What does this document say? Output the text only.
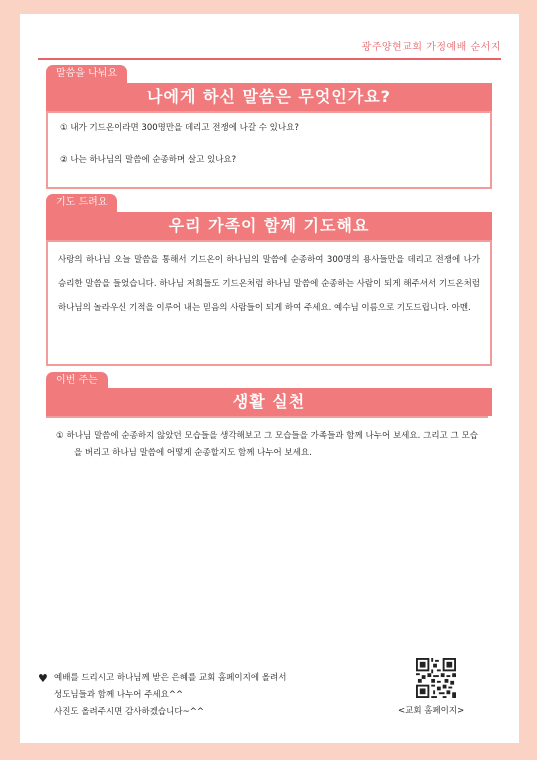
광주양현교회 가정예배 순서지
말씀을 나눠요
나에게 하신 말씀은 무엇인가요?
① 내가 기드온이라면 300명만을 데리고 전쟁에 나갈 수 있나요?
② 나는 하나님의 말씀에 순종하며 살고 있나요?
기도 드려요
우리 가족이 함께 기도해요
사랑의 하나님 오늘 말씀을 통해서 기드온이 하나님의 말씀에 순종하여 300명의 용사들만을 데리고 전쟁에 나가 승리한 말씀을 들었습니다. 하나님 저희들도 기드온처럼 하나님 말씀에 순종하는 사람이 되게 해주셔서 기드온처럼 하나님의 놀라우신 기적을 이루어 내는 믿음의 사람들이 되게 하여 주세요. 예수님 이름으로 기도드립니다. 아멘.
이번 주는
생활 실천
① 하나님 말씀에 순종하지 않았던 모습들을 생각해보고 그 모습들을 가족들과 함께 나누어 보세요. 그리고 그 모습을 버리고 하나님 말씀에 어떻게 순종할지도 함께 나누어 보세요.
♥ 예배를 드리시고 하나님께 받은 은혜를 교회 홈페이지에 올려서
성도님들과 함께 나누어 주세요^^
사진도 올려주시면 감사하겠습니다~^^	<교회 홈페이지>
